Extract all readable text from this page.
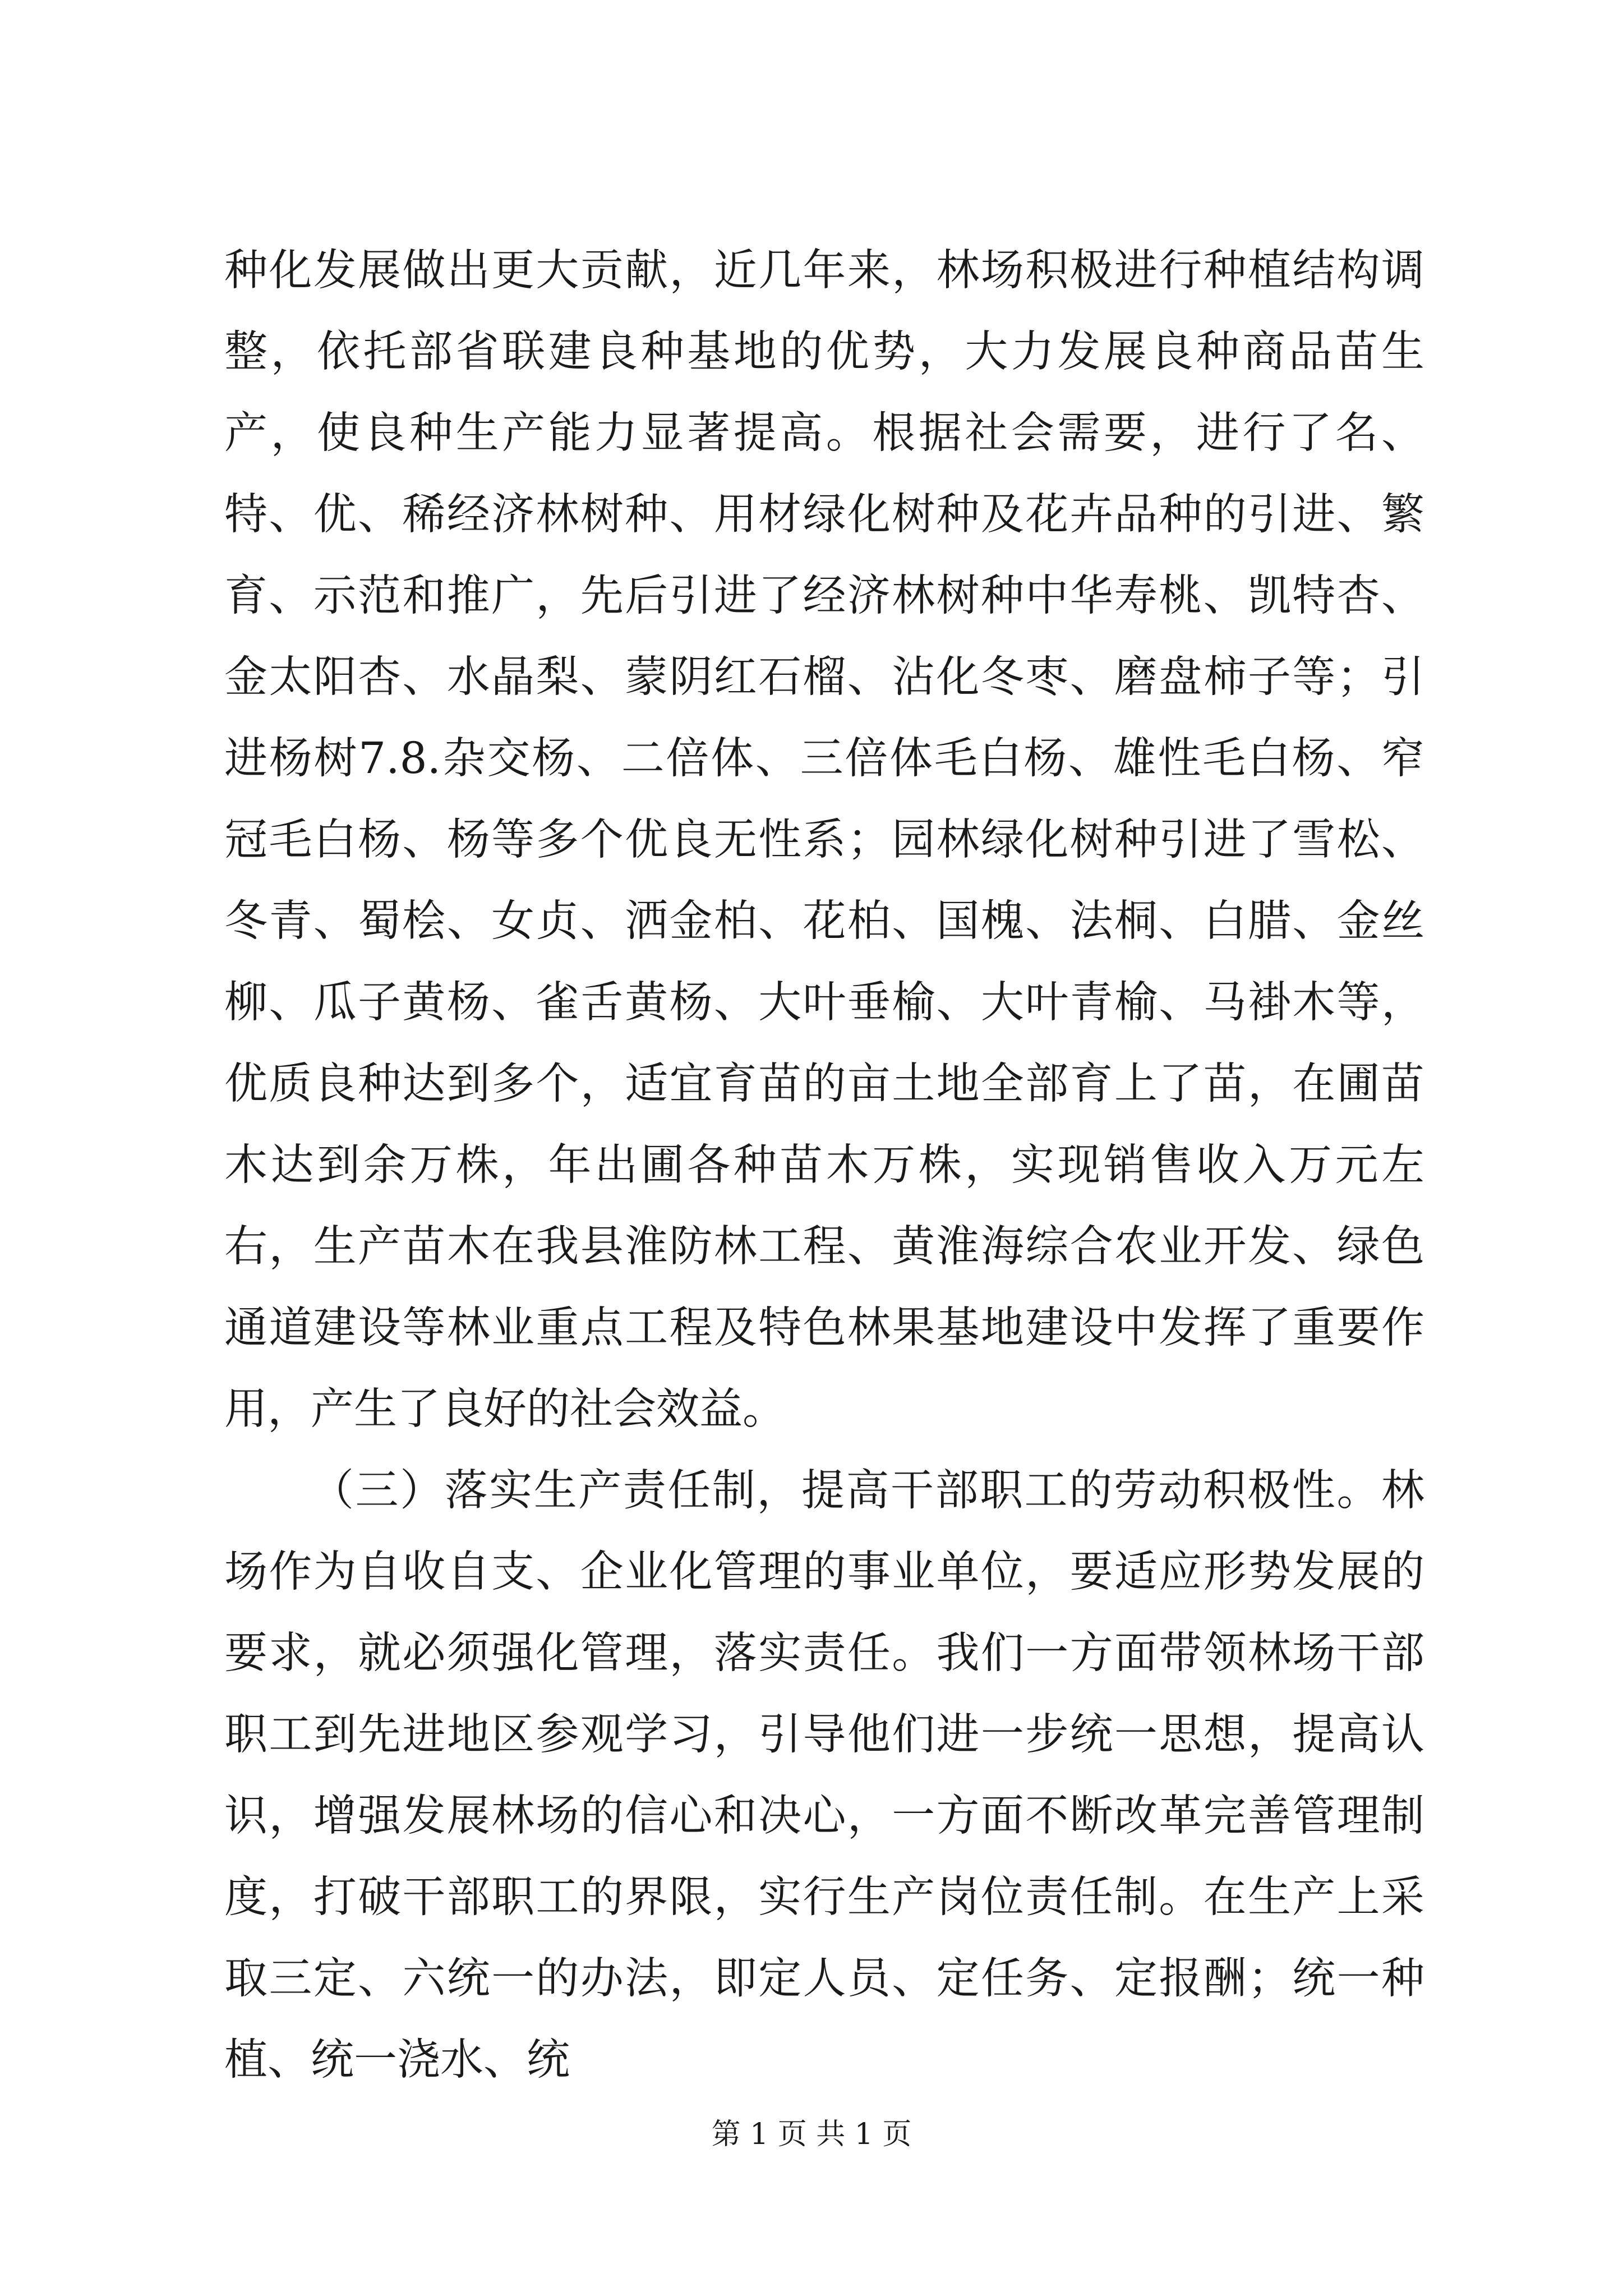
种化发展做出更大贡献，近几年来，林场积极进行种植结构调整，依托部省联建良种基地的优势，大力发展良种商品苗生产，使良种生产能力显著提高。根据社会需要，进行了名、特、优、稀经济林树种、用材绿化树种及花卉品种的引进、繁育、示范和推广，先后引进了经济林树种中华寿桃、凯特杏、金太阳杏、水晶梨、蒙阴红石榴、沾化冬枣、磨盘柿子等；引进杨树7.8.杂交杨、二倍体、三倍体毛白杨、雄性毛白杨、窄冠毛白杨、杨等多个优良无性系；园林绿化树种引进了雪松、冬青、蜀桧、女贞、洒金柏、花柏、国槐、法桐、白腊、金丝柳、瓜子黄杨、雀舌黄杨、大叶垂榆、大叶青榆、马褂木等，优质良种达到多个，适宜育苗的亩土地全部育上了苗，在圃苗木达到余万株，年出圃各种苗木万株，实现销售收入万元左右，生产苗木在我县淮防林工程、黄淮海综合农业开发、绿色通道建设等林业重点工程及特色林果基地建设中发挥了重要作用，产生了良好的社会效益。

（三）落实生产责任制，提高干部职工的劳动积极性。林场作为自收自支、企业化管理的事业单位，要适应形势发展的要求，就必须强化管理，落实责任。我们一方面带领林场干部职工到先进地区参观学习，引导他们进一步统一思想，提高认识，增强发展林场的信心和决心，一方面不断改革完善管理制度，打破干部职工的界限，实行生产岗位责任制。在生产上采取三定、六统一的办法，即定人员、定任务、定报酬；统一种植、统一浇水、统

第 1 页 共 1 页
